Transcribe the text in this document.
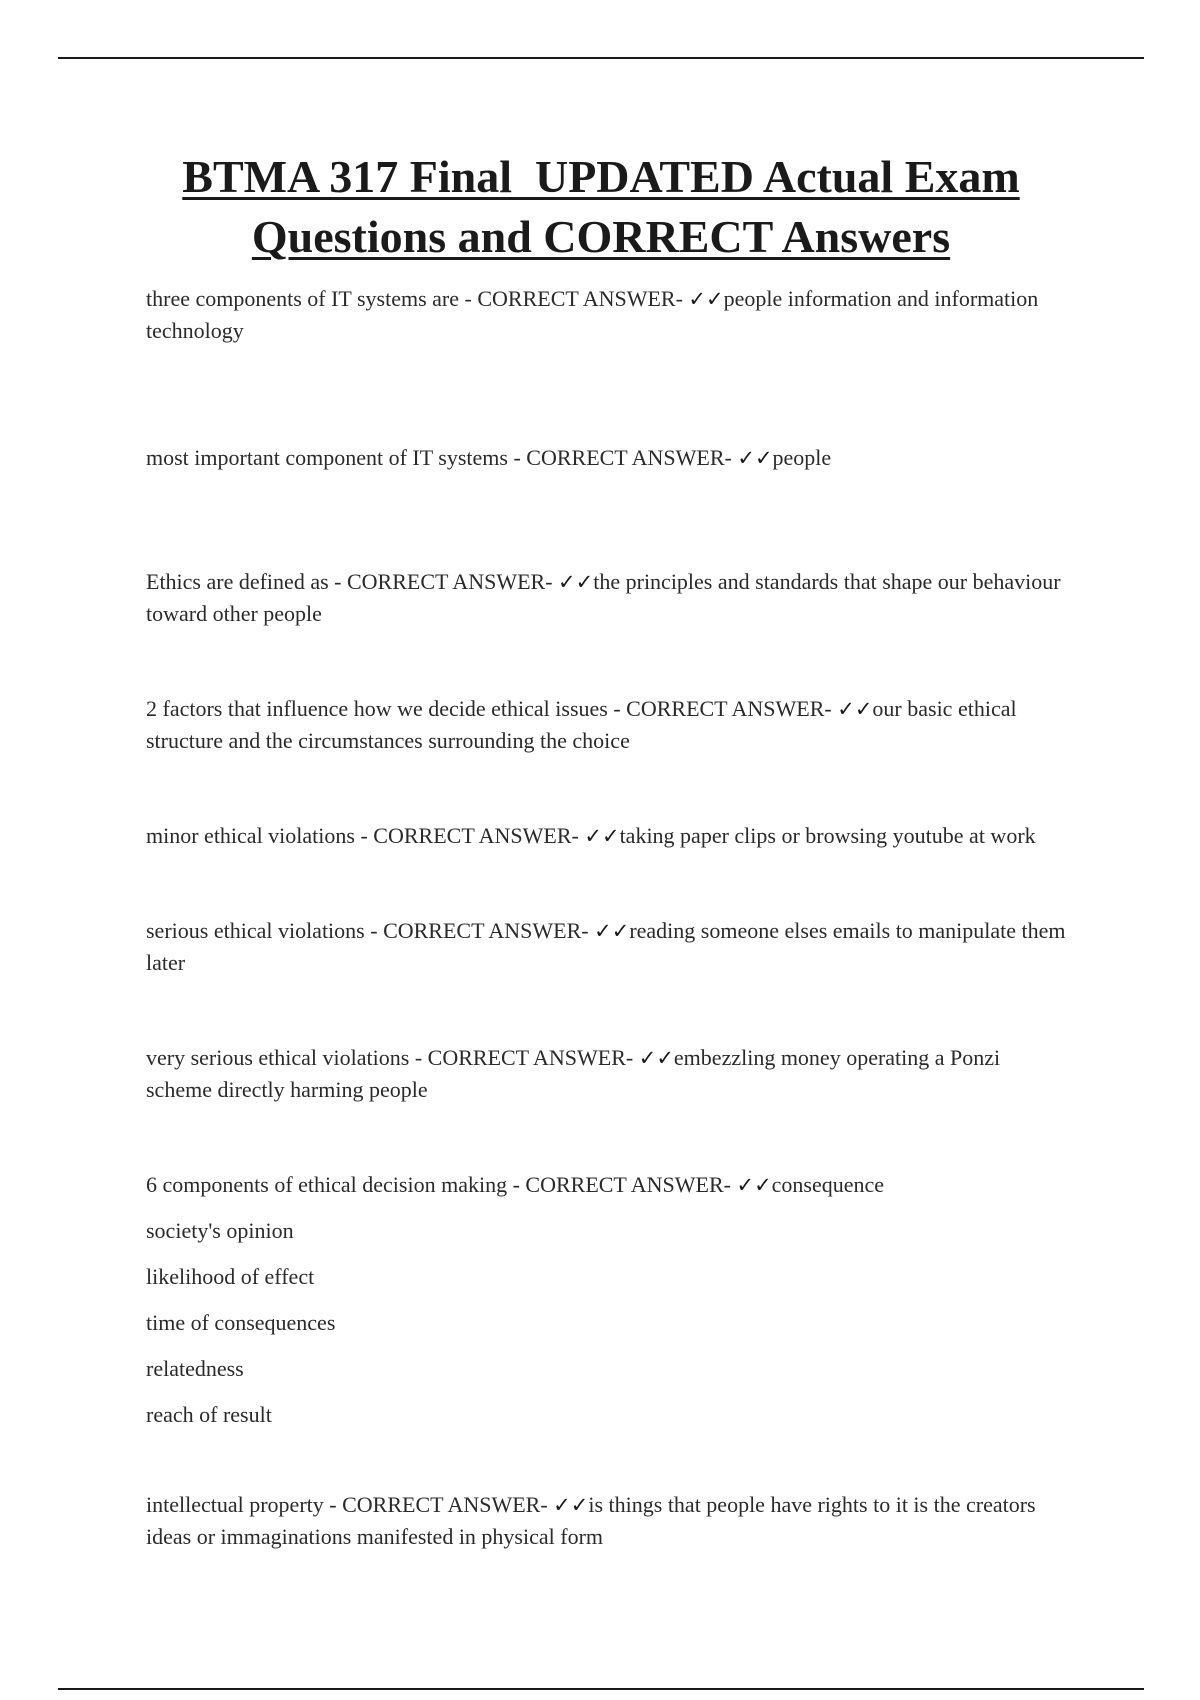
BTMA 317 Final  UPDATED Actual Exam
Questions and CORRECT Answers

three components of IT systems are - CORRECT ANSWER- ✓✓people information and information technology

most important component of IT systems - CORRECT ANSWER- ✓✓people

Ethics are defined as - CORRECT ANSWER- ✓✓the principles and standards that shape our behaviour toward other people

2 factors that influence how we decide ethical issues - CORRECT ANSWER- ✓✓our basic ethical structure and the circumstances surrounding the choice

minor ethical violations - CORRECT ANSWER- ✓✓taking paper clips or browsing youtube at work

serious ethical violations - CORRECT ANSWER- ✓✓reading someone elses emails to manipulate them later

very serious ethical violations - CORRECT ANSWER- ✓✓embezzling money operating a Ponzi scheme directly harming people

6 components of ethical decision making - CORRECT ANSWER- ✓✓consequence

society's opinion
likelihood of effect
time of consequences
relatedness
reach of result

intellectual property - CORRECT ANSWER- ✓✓is things that people have rights to it is the creators ideas or immaginations manifested in physical form
